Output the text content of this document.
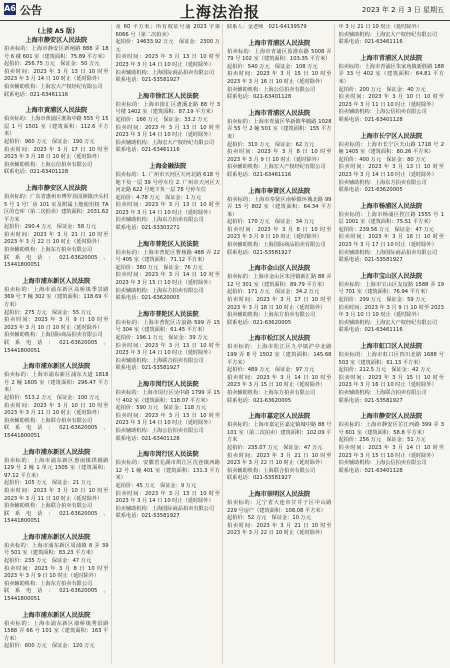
A6 公告	上海法治报	2023 年 2 月 3 日 星期五
(上接 A5 版)
上海市静安区人民法院
拍卖标的：上海市静安区新闸路 888 弄 18 号 6 楼 601 室（建筑面积：75.89 平方米）
起拍价：256.75 万元　保证金：50 万元
拍卖时间：2023 年 3 月 13 日 10 时至 2023 年 3 月 14 日 10 时止（延时除外）
拍卖辅助机构：上海宏大产权经纪有限公司
联系电话：021-63461116
上海市黄浦区人民法院
拍卖标的：上海市黄浦区淮海中路 555 号 15 层 1 号 1501 室（建筑面积：112.6 平方米）
起拍价：960 万元　保证金：190 万元
拍卖时间：2023 年 3 月 17 日 10 时至 2023 年 3 月 18 日 10 时止（延时除外）
拍卖辅助机构：上海公信拍卖有限公司
联系电话：021-63401128
上海市静安区人民法院
拍卖标的：广东省惠州市博罗县园洲镇沙头村 5 号 1 号厂房 101 室及附属土地使用权 7A 区的仓库（第二次拍卖）建筑面积：2031.62 平方米
起拍价：290.4 万元　保证金：58 万元
拍卖时间：2023 年 3 月 21 日 10 时至 2023 年 3 月 22 日 10 时止（延时除外）
拍卖辅助机构：上海东方拍卖有限公司
联系电话：021-63620005、15441800051
上海市浦东新区人民法院
拍卖标的：上海市浦东新区高桥镇季景路 369 号 7 幢 302 室（建筑面积：118.69 平方米）
起拍价：275 万元　保证金：55 万元
拍卖时间：2023 年 3 月 9 日 10 时至 2023 年 3 月 10 日 10 时止（延时除外）
拍卖辅助机构：上海国际商品拍卖有限公司
联系电话：021-63620005、15441800051
上海市浦东新区人民法院
拍卖标的：上海市浦东新区浦东大道 1818 号 2 幢 1605 室（建筑面积：296.47 平方米）
起拍价：513.2 万元　保证金：100 万元
拍卖时间：2023 年 3 月 10 日 10 时至 2023 年 3 月 11 日 10 时止（延时除外）
拍卖辅助机构：上海联合拍卖有限公司
联系电话：021-63620005、15441800051
上海市浦东新区人民法院
拍卖标的：上海市浦东新区惠南镇拱极路 129 号 2 幢 1 单元 1505 室（建筑面积：97.12 平方米）
起拍价：105 万元　保证金：21 万元
拍卖时间：2023 年 3 月 10 日 10 时至 2023 年 3 月 11 日 10 时止（延时除外）
拍卖辅助机构：上海联合拍卖有限公司
联系电话：021-63620005、15441800051
上海市浦东新区人民法院
拍卖标的：上海市浦东新区周浦镇 8 弄 39 号 501 室（建筑面积：83.23 平方米）
起拍价：235 万元　保证金：47 万元
拍卖时间：2023 年 3 月 8 日 10 时至 2023 年 3 月 9 日 10 时止（延时除外）
拍卖辅助机构：上海东方拍卖有限公司
联系电话：021-63620005、15441800051
上海市浦东新区人民法院
拍卖标的：上海市浦东新区康桥镇秀沿路 1588 弄 66 号 101 室（建筑面积：163 平方米）
起拍价：600 万元　保证金：120 万元
及 60 平方米；所有权证号浦 2023 字第 6066 号（第二次拍卖）
起拍价：14633.92 万元　保证金：2300 万元
拍卖时间：2023 年 3 月 13 日 10 时至 2023 年 3 月 14 日 10 时止（延时除外）
拍卖辅助机构：上海国际商品拍卖有限公司
联系电话：021-53581927
上海市徐汇区人民法院
拍卖标的：上海市徐汇区漕溪北路 88 号 3 号楼 1402 室（建筑面积：87.19 平方米）
起拍价：166 万元　保证金：33.2 万元
拍卖时间：2023 年 3 月 13 日 10 时至 2023 年 3 月 14 日 10 时止（延时除外）
拍卖辅助机构：上海宏大产权经纪有限公司
联系电话：021-63461116
上海金融法院
拍卖标的：1. 广州市天河区天河北路 618 号地下负一层 39 号停车位 2. 广州市天河区天河北路 622 号地下负一层 78 号停车位
起拍价：4.78 万元　保证金：1 万元
拍卖时间：2023 年 3 月 13 日 10 时至 2023 年 3 月 14 日 10 时止（延时除外）
拍卖辅助机构：上海东方拍卖有限公司
联系电话：021-53303271
上海市普陀区人民法院
拍卖标的：上海市普陀区曹杨路 488 弄 22 号 405 室（建筑面积：71.12 平方米）
起拍价：380 万元　保证金：76 万元
拍卖时间：2023 年 3 月 14 日 10 时至 2023 年 3 月 15 日 10 时止（延时除外）
拍卖辅助机构：上海东方拍卖有限公司
联系电话：021-63620005
上海市普陀区人民法院
拍卖标的：上海市普陀区古浪路 599 弄 15 号 304 室（建筑面积：61.45 平方米）
起拍价：196.1 万元　保证金：39 万元
拍卖时间：2023 年 3 月 13 日 10 时至 2023 年 3 月 14 日 10 时止（延时除外）
拍卖辅助机构：上海联合拍卖有限公司
联系电话：021-53581927
上海市闵行区人民法院
拍卖标的：上海市闵行区吴中路 1799 弄 15 号 402 室（建筑面积：118.07 平方米）
起拍价：590 万元　保证金：118 万元
拍卖时间：2023 年 3 月 13 日 10 时至 2023 年 3 月 14 日 10 时止（延时除外）
拍卖辅助机构：上海公信拍卖有限公司
联系电话：021-63401128
上海市闵行区人民法院
拍卖标的：安徽省芜湖市鸠江区沈巷镇西路 12 号 1 幢 401 室（建筑面积：131.3 平方米）
起拍价：45 万元　保证金：9 万元
拍卖时间：2023 年 3 月 13 日 10 时至 2023 年 3 月 14 日 10 时止（延时除外）
拍卖辅助机构：上海国际商品拍卖有限公司
联系电话：021-53581927
联系人：金老师　021-64139579
上海市青浦区人民法院
拍卖标的：上海市青浦区盈港东路 5008 弄 79 号 102 室（建筑面积：103.35 平方米）
起拍价：540 万元　保证金：108 万元
拍卖时间：2023 年 3 月 15 日 10 时至 2023 年 3 月 16 日 10 时止（延时除外）
拍卖辅助机构：上海公信拍卖有限公司
联系电话：021-63401128
上海市青浦区人民法院
拍卖标的：上海市青浦区华新镇华腾路 1028 弄 55 号 2 幢 501 室（建筑面积：155 平方米）
起拍价：310 万元　保证金：62 万元
拍卖时间：2023 年 3 月 8 日 10 时至 2023 年 3 月 9 日 10 时止（延时除外）
拍卖辅助机构：上海宏大产权经纪有限公司
联系电话：021-63461116
上海市奉贤区人民法院
拍卖标的：上海市奉贤区南桥镇环城北路 99 弄 15 号 802 室（建筑面积：64.34 平方米）
起拍价：170 万元　保证金：34 万元
拍卖时间：2023 年 3 月 8 日 10 时至 2023 年 3 月 9 日 10 时止（延时除外）
拍卖辅助机构：上海国际商品拍卖有限公司
联系电话：021-53581927
上海市金山区人民法院
拍卖标的：上海市金山区朱泾镇新汇路 88 弄 12 号 301 室（建筑面积：89.79 平方米）
起拍价：171 万元　保证金：34.2 万元
拍卖时间：2023 年 3 月 17 日 10 时至 2023 年 3 月 18 日 10 时止（延时除外）
拍卖辅助机构：上海东方拍卖有限公司
联系电话：021-63620005
上海市松江区人民法院
拍卖标的：上海市松江区九亭镇沪亭北路 199 弄 8 号 1502 室（建筑面积：145.68 平方米）
起拍价：489 万元　保证金：97 万元
拍卖时间：2023 年 3 月 14 日 10 时至 2023 年 3 月 15 日 10 时止（延时除外）
拍卖辅助机构：上海东方拍卖有限公司
联系电话：021-63620005
上海市嘉定区人民法院
拍卖标的：上海市嘉定区嘉定镇城中路 88 号 101 室（第二次拍卖）建筑面积：102.09 平方米
起拍价：235.07 万元　保证金：47 万元
拍卖时间：2023 年 3 月 21 日 10 时至 2023 年 3 月 22 日 10 时止（延时除外）
拍卖辅助机构：上海联合拍卖有限公司
联系电话：021-53581927
上海市崇明区人民法院
拍卖标的：辽宁省大连市甘井子区中山路 229 号房产（建筑面积：108.08 平方米）
起拍价：52 万元　保证金：10 万元
拍卖时间：2023 年 3 月 21 日 10 时至 2023 年 3 月 22 日 10 时止（延时除外）
年 3 月 21 日 10 时止（延时除外）
拍卖辅助机构：上海宏大产权经纪有限公司
联系电话：021-63461116
上海市青浦区人民法院
拍卖标的：上海市青浦区朱家角镇新胜路 188 弄 33 号 402 室（建筑面积：64.81 平方米）
起拍价：200 万元　保证金：40 万元
拍卖时间：2023 年 3 月 10 日 10 时至 2023 年 3 月 11 日 10 时止（延时除外）
拍卖辅助机构：上海公信拍卖有限公司
联系电话：021-63401128
上海市长宁区人民法院
拍卖标的：上海市长宁区天山路 1718 号 2 幢 1405 室（建筑面积：80.26 平方米）
起拍价：400 万元　保证金：80 万元
拍卖时间：2023 年 3 月 13 日 10 时至 2023 年 3 月 14 日 10 时止（延时除外）
拍卖辅助机构：上海东方拍卖有限公司
联系电话：021-63620005
上海市杨浦区人民法院
拍卖标的：上海市杨浦区控江路 1555 号 1 层 1001 室（建筑面积：75.51 平方米）
起拍价：239.56 万元　保证金：47 万元
拍卖时间：2023 年 3 月 16 日 10 时至 2023 年 3 月 17 日 10 时止（延时除外）
拍卖辅助机构：上海国际商品拍卖有限公司
联系电话：021-53581927
上海市宝山区人民法院
拍卖标的：上海市宝山区友谊路 1588 弄 19 号 701 室（建筑面积：76.94 平方米）
起拍价：299 万元　保证金：59 万元
拍卖时间：2023 年 3 月 9 日 10 时至 2023 年 3 月 10 日 10 时止（延时除外）
拍卖辅助机构：上海宏大产权经纪有限公司
联系电话：021-63461116
上海市虹口区人民法院
拍卖标的：上海市虹口区四川北路 1688 号 503 室（建筑面积：61.13 平方米）
起拍价：212.5 万元　保证金：42 万元
拍卖时间：2023 年 3 月 15 日 10 时至 2023 年 3 月 16 日 10 时止（延时除外）
拍卖辅助机构：上海联合拍卖有限公司
联系电话：021-53581927
上海市静安区人民法院
拍卖标的：上海市静安区芷江西路 399 弄 3 号 601 室（建筑面积：58.8 平方米）
起拍价：256 万元　保证金：51 万元
拍卖时间：2023 年 3 月 14 日 10 时至 2023 年 3 月 15 日 10 时止（延时除外）
拍卖辅助机构：上海公信拍卖有限公司
联系电话：021-63401128
